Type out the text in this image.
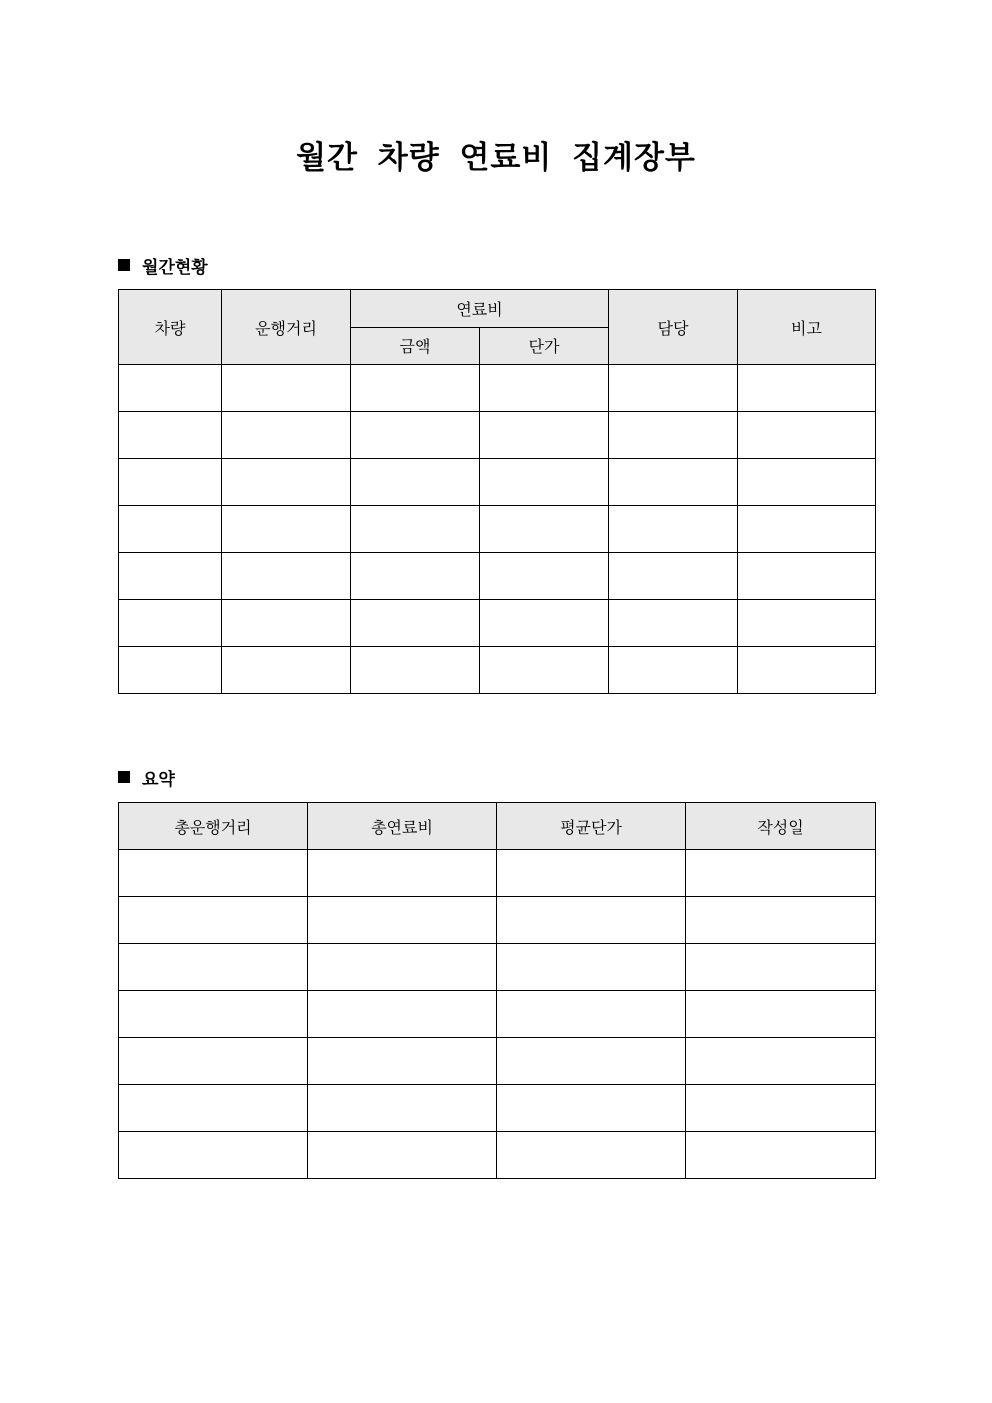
월간 차량 연료비 집계장부
월간현황
차량	운행거리	연료비		담당	비고
		금액	단가		

요약
총운행거리	총연료비	평균단가	작성일
